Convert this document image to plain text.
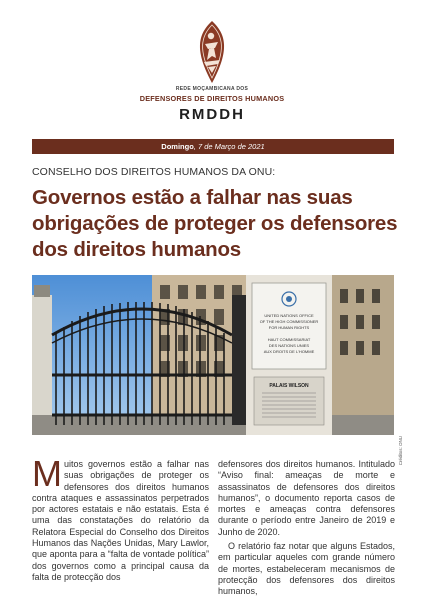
REDE MOÇAMBICANA DOS
DEFENSORES DE DIREITOS HUMANOS
RMDDH
Domingo, 7 de Março de 2021
CONSELHO DOS DIREITOS HUMANOS DA ONU:
Governos estão a falhar nas suas obrigações de proteger os defensores dos direitos humanos
UNITED NATIONS OFFICE
OF THE HIGH COMMISSIONER
FOR HUMAN RIGHTS
HAUT COMMISSARIAT
DES NATIONS UNIES
AUX DROITS DE L'HOMME
PALAIS WILSON
Créditos: ONU

Muitos governos estão a falhar nas suas obrigações de proteger os defensores dos direitos humanos contra ataques e assassinatos perpetrados por actores estatais e não estatais. Esta é uma das constatações do relatório da Relatora Especial do Conselho dos Direitos Humanos das Nações Unidas, Mary Lawlor, que aponta para a “falta de vontade política” dos governos como a principal causa da falta de protecção dos

defensores dos direitos humanos. Intitulado “Aviso final: ameaças de morte e assassinatos de defensores dos direitos humanos”, o documento reporta casos de mortes e ameaças contra defensores durante o período entre Janeiro de 2019 e Junho de 2020.

O relatório faz notar que alguns Estados, em particular aqueles com grande número de mortes, estabeleceram mecanismos de protecção dos defensores dos direitos humanos,
